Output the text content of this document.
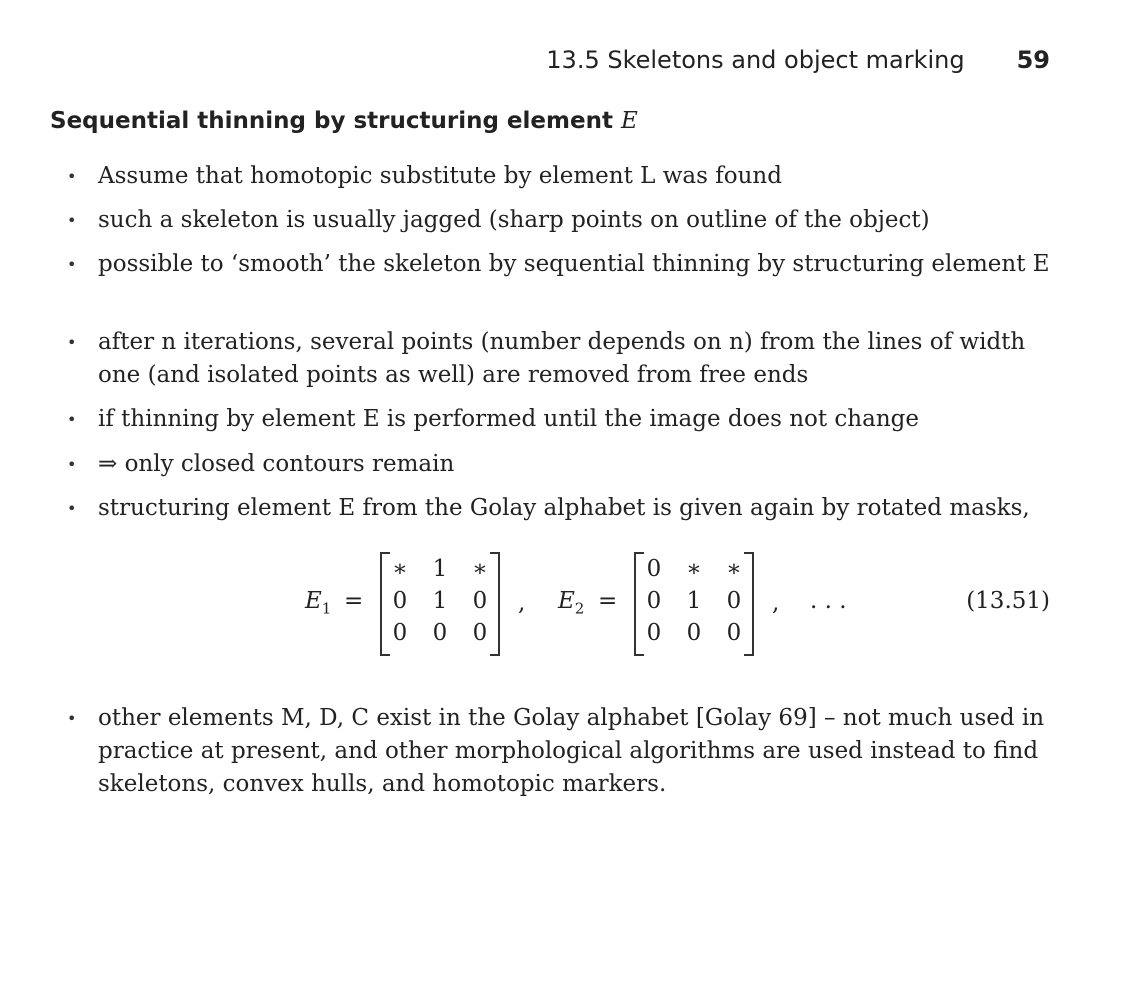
13.5 Skeletons and object marking 59
Sequential thinning by structuring element E
• Assume that homotopic substitute by element L was found
• such a skeleton is usually jagged (sharp points on outline of the object)
• possible to ‘smooth’ the skeleton by sequential thinning by structuring element E
• after n iterations, several points (number depends on n) from the lines of width one (and isolated points as well) are removed from free ends
• if thinning by element E is performed until the image does not change
• ⇒ only closed contours remain
• structuring element E from the Golay alphabet is given again by rotated masks,
• other elements M, D, C exist in the Golay alphabet [Golay 69] – not much used in practice at present, and other morphological algorithms are used instead to find skeletons, convex hulls, and homotopic markers.
$E_1$ =
∗	1	∗
0	1	0
0	0	0
, $E_2$ =
0	∗	∗
0	1	0
0	0	0
, . . .	(13.51)
